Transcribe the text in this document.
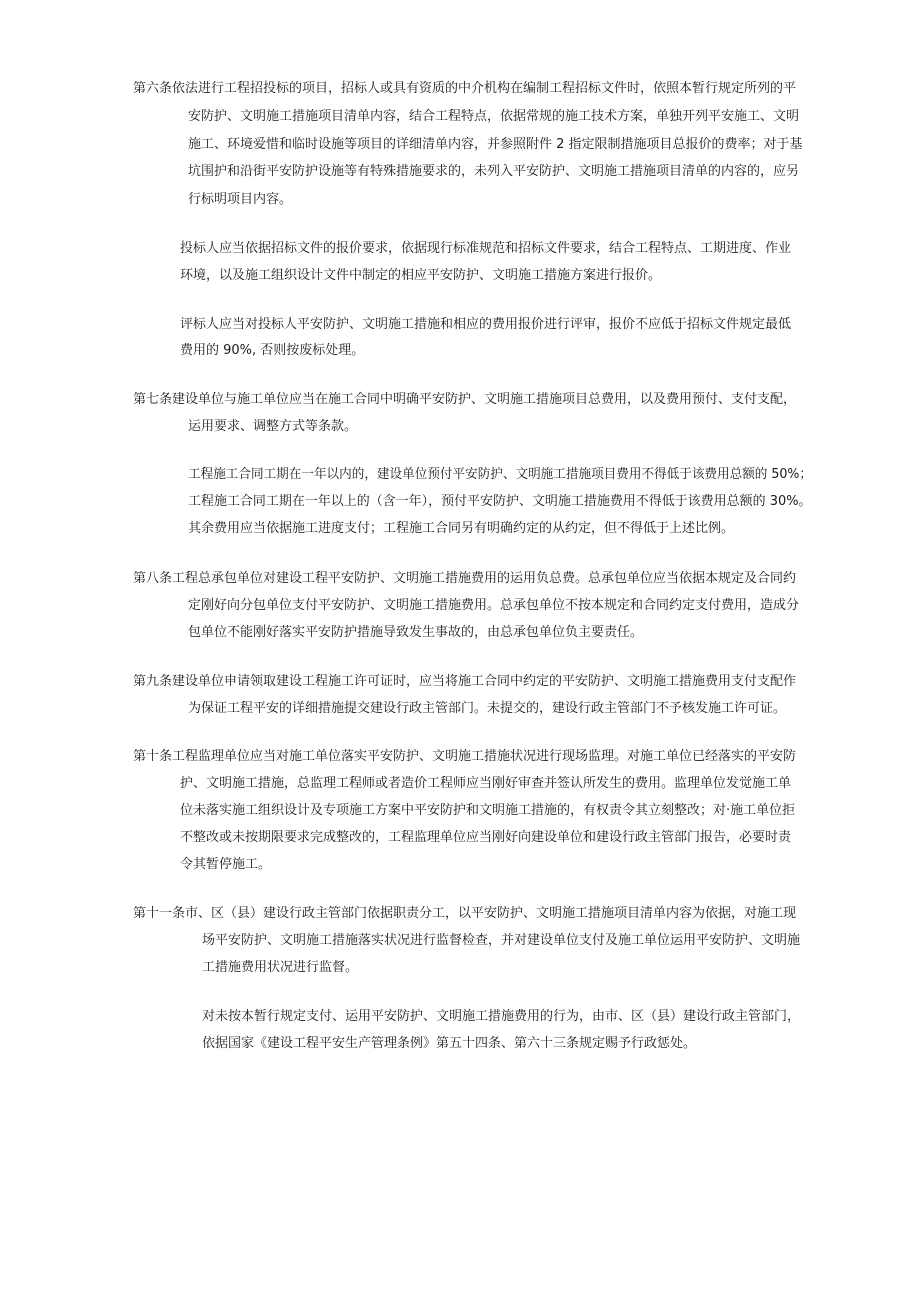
第六条依法进行工程招投标的项目，招标人或具有资质的中介机构在编制工程招标文件时，依照本暂行规定所列的平
安防护、文明施工措施项目清单内容，结合工程特点，依据常规的施工技术方案，单独开列平安施工、文明
施工、环境爱惜和临时设施等项目的详细清单内容，并参照附件 2 指定限制措施项目总报价的费率；对于基
坑围护和沿街平安防护设施等有特殊措施要求的，未列入平安防护、文明施工措施项目清单的内容的，应另
行标明项目内容。
投标人应当依据招标文件的报价要求，依据现行标准规范和招标文件要求，结合工程特点、工期进度、作业
环境，以及施工组织设计文件中制定的相应平安防护、文明施工措施方案进行报价。
评标人应当对投标人平安防护、文明施工措施和相应的费用报价进行评审，报价不应低于招标文件规定最低
费用的 90%, 否则按废标处理。
第七条建设单位与施工单位应当在施工合同中明确平安防护、文明施工措施项目总费用，以及费用预付、支付支配，
运用要求、调整方式等条款。
工程施工合同工期在一年以内的，建设单位预付平安防护、文明施工措施项目费用不得低于该费用总额的 50%；
工程施工合同工期在一年以上的（含一年），预付平安防护、文明施工措施费用不得低于该费用总额的 30%。
其余费用应当依据施工进度支付；工程施工合同另有明确约定的从约定，但不得低于上述比例。
第八条工程总承包单位对建设工程平安防护、文明施工措施费用的运用负总费。总承包单位应当依据本规定及合同约
定刚好向分包单位支付平安防护、文明施工措施费用。总承包单位不按本规定和合同约定支付费用，造成分
包单位不能刚好落实平安防护措施导致发生事故的，由总承包单位负主要责任。
第九条建设单位申请领取建设工程施工许可证时，应当将施工合同中约定的平安防护、文明施工措施费用支付支配作
为保证工程平安的详细措施提交建设行政主管部门。未提交的，建设行政主管部门不予核发施工许可证。
第十条工程监理单位应当对施工单位落实平安防护、文明施工措施状况进行现场监理。对施工单位已经落实的平安防
护、文明施工措施，总监理工程师或者造价工程师应当刚好审查并签认所发生的费用。监理单位发觉施工单
位未落实施工组织设计及专项施工方案中平安防护和文明施工措施的，有权责令其立刻整改；对·施工单位拒
不整改或未按期限要求完成整改的，工程监理单位应当刚好向建设单位和建设行政主管部门报告，必要时责
令其暂停施工。
第十一条市、区（县）建设行政主管部门依据职责分工，以平安防护、文明施工措施项目清单内容为依据，对施工现
场平安防护、文明施工措施落实状况进行监督检查，并对建设单位支付及施工单位运用平安防护、文明施
工措施费用状况进行监督。
对未按本暂行规定支付、运用平安防护、文明施工措施费用的行为，由市、区（县）建设行政主管部门，
依据国家《建设工程平安生产管理条例》第五十四条、第六十三条规定赐予行政惩处。
